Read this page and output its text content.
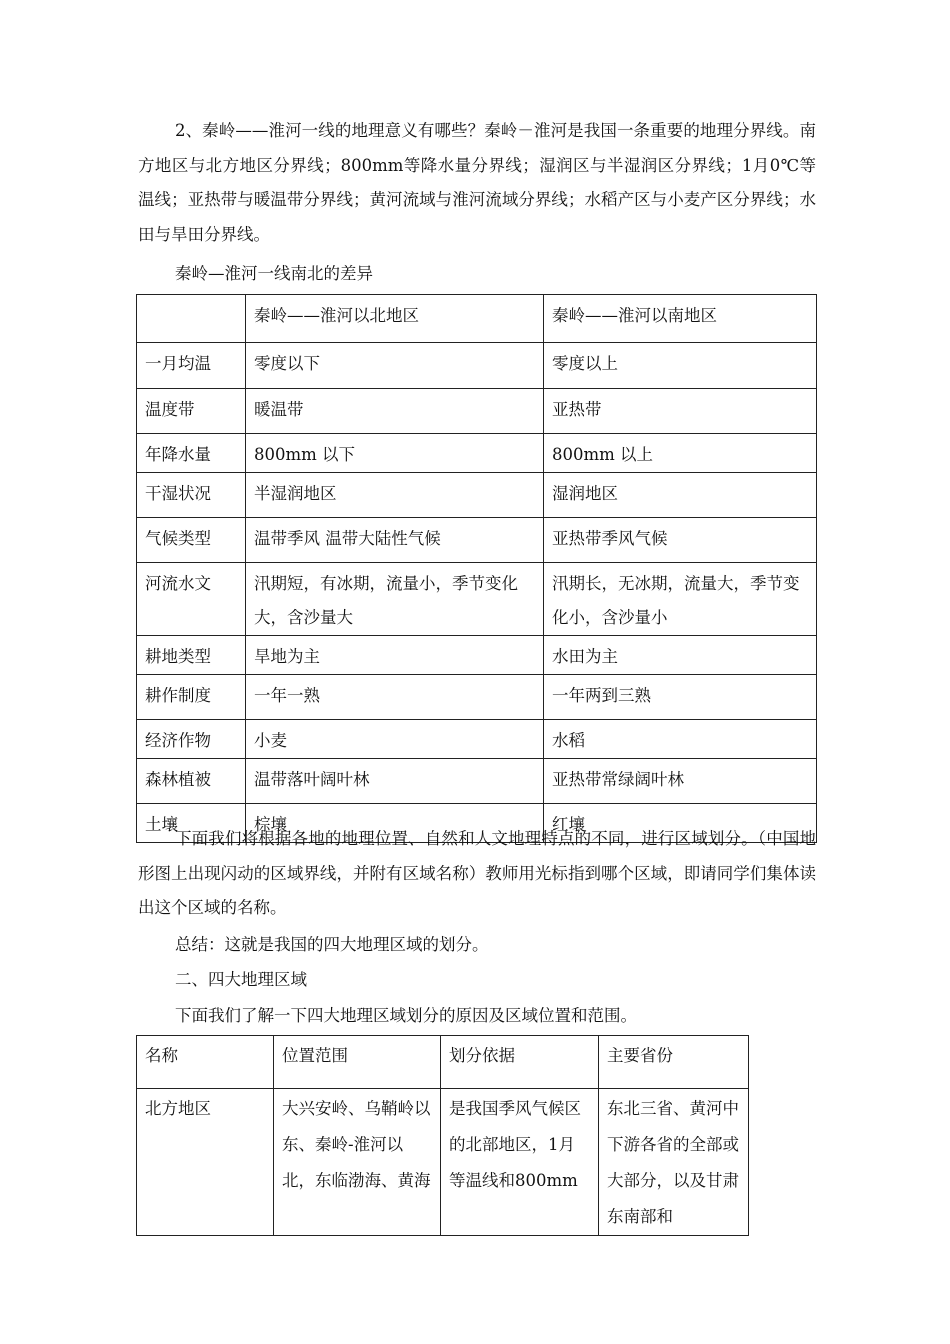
2、秦岭——淮河一线的地理意义有哪些？秦岭－淮河是我国一条重要的地理分界线。南方地区与北方地区分界线；800mm等降水量分界线；湿润区与半湿润区分界线；1月0℃等温线；亚热带与暖温带分界线；黄河流域与淮河流域分界线；水稻产区与小麦产区分界线；水田与旱田分界线。

秦岭—淮河一线南北的差异

	秦岭——淮河以北地区	秦岭——淮河以南地区
一月均温	零度以下	零度以上
温度带	暖温带	亚热带
年降水量	800mm 以下	800mm 以上
干湿状况	半湿润地区	湿润地区
气候类型	温带季风 温带大陆性气候	亚热带季风气候
河流水文	汛期短，有冰期，流量小，季节变化大，含沙量大	汛期长，无冰期，流量大，季节变化小，含沙量小
耕地类型	旱地为主	水田为主
耕作制度	一年一熟	一年两到三熟
经济作物	小麦	水稻
森林植被	温带落叶阔叶林	亚热带常绿阔叶林
土壤	棕壤	红壤

下面我们将根据各地的地理位置、自然和人文地理特点的不同，进行区域划分。（中国地形图上出现闪动的区域界线，并附有区域名称）教师用光标指到哪个区域，即请同学们集体读出这个区域的名称。

总结：这就是我国的四大地理区域的划分。

二、四大地理区域

下面我们了解一下四大地理区域划分的原因及区域位置和范围。

名称	位置范围	划分依据	主要省份
北方地区	大兴安岭、乌鞘岭以东、秦岭-淮河以北，东临渤海、黄海	是我国季风气候区的北部地区，1月等温线和800mm	东北三省、黄河中下游各省的全部或大部分，以及甘肃东南部和
